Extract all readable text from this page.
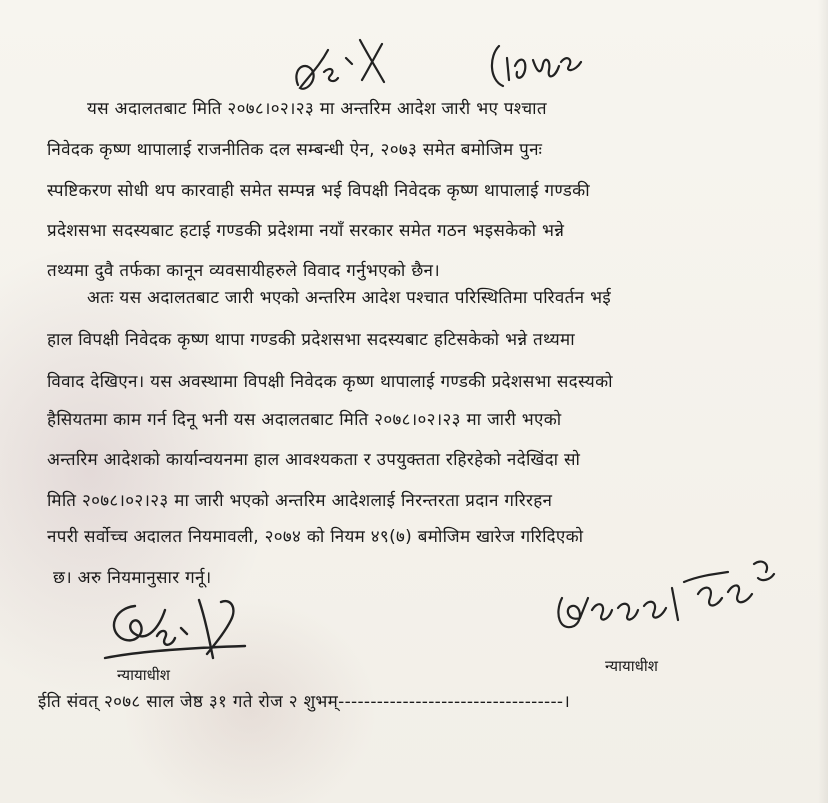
यस अदालतबाट मिति २०७८।०२।२३ मा अन्तरिम आदेश जारी भए पश्चात
निवेदक कृष्ण थापालाई राजनीतिक दल सम्बन्धी ऐन, २०७३ समेत बमोजिम पुनः
स्पष्टिकरण सोधी थप कारवाही समेत सम्पन्न भई विपक्षी निवेदक कृष्ण थापालाई गण्डकी
प्रदेशसभा सदस्यबाट हटाई गण्डकी प्रदेशमा नयाँ सरकार समेत गठन भइसकेको भन्ने
तथ्यमा दुवै तर्फका कानून व्यवसायीहरुले विवाद गर्नुभएको छैन।
अतः यस अदालतबाट जारी भएको अन्तरिम आदेश पश्चात परिस्थितिमा परिवर्तन भई
हाल विपक्षी निवेदक कृष्ण थापा गण्डकी प्रदेशसभा सदस्यबाट हटिसकेको भन्ने तथ्यमा
विवाद देखिएन। यस अवस्थामा विपक्षी निवेदक कृष्ण थापालाई गण्डकी प्रदेशसभा सदस्यको
हैसियतमा काम गर्न दिनू भनी यस अदालतबाट मिति २०७८।०२।२३ मा जारी भएको
अन्तरिम आदेशको कार्यान्वयनमा हाल आवश्यकता र उपयुक्तता रहिरहेको नदेखिंदा सो
मिति २०७८।०२।२३ मा जारी भएको अन्तरिम आदेशलाई निरन्तरता प्रदान गरिरहन
नपरी सर्वोच्च अदालत नियमावली, २०७४ को नियम ४९(७) बमोजिम खारेज गरिदिएको
छ। अरु नियमानुसार गर्नू।
न्यायाधीश	न्यायाधीश
ईति संवत् २०७८ साल जेष्ठ ३१ गते रोज २ शुभम्-----------------------------------।
